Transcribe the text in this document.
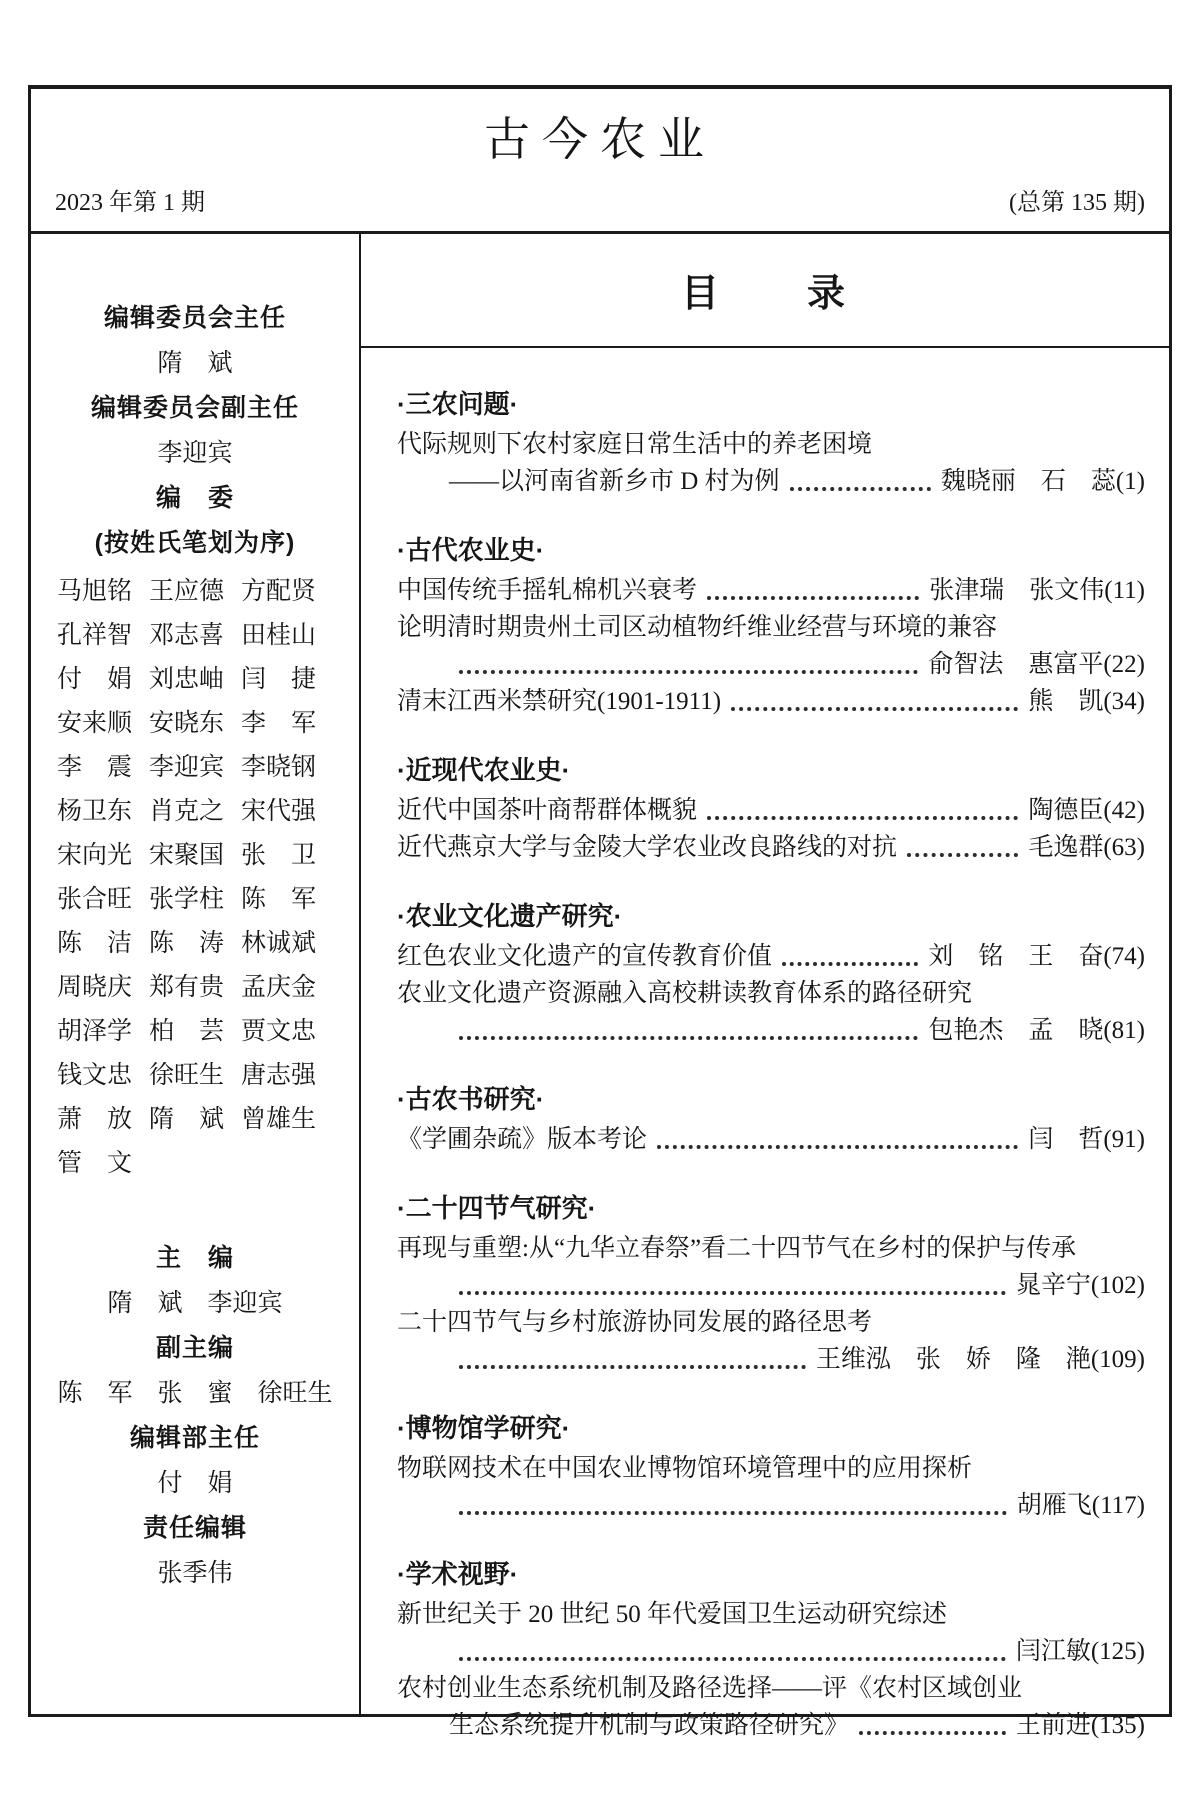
古今农业
2023 年第 1 期	(总第 135 期)
编辑委员会主任
隋　斌
编辑委员会副主任
李迎宾
编　委
(按姓氏笔划为序)
马旭铭 王应德 方配贤
孔祥智 邓志喜 田桂山
付　娟 刘忠岫 闫　捷
安来顺 安晓东 李　军
李　震 李迎宾 李晓钢
杨卫东 肖克之 宋代强
宋向光 宋聚国 张　卫
张合旺 张学柱 陈　军
陈　洁 陈　涛 林诚斌
周晓庆 郑有贵 孟庆金
胡泽学 柏　芸 贾文忠
钱文忠 徐旺生 唐志强
萧　放 隋　斌 曾雄生
管　文
主　编
隋　斌　李迎宾
副主编
陈　军　张　蜜　徐旺生
编辑部主任
付　娟
责任编辑
张季伟
目　　录
·三农问题·
代际规则下农村家庭日常生活中的养老困境
——以河南省新乡市 D 村为例	魏晓丽　石　蕊(1)
·古代农业史·
中国传统手摇轧棉机兴衰考	张津瑞　张文伟(11)
论明清时期贵州土司区动植物纤维业经营与环境的兼容
俞智法　惠富平(22)
清末江西米禁研究(1901-1911)	熊　凯(34)
·近现代农业史·
近代中国茶叶商帮群体概貌	陶德臣(42)
近代燕京大学与金陵大学农业改良路线的对抗	毛逸群(63)
·农业文化遗产研究·
红色农业文化遗产的宣传教育价值	刘　铭　王　奋(74)
农业文化遗产资源融入高校耕读教育体系的路径研究
包艳杰　孟　晓(81)
·古农书研究·
《学圃杂疏》版本考论	闫　哲(91)
·二十四节气研究·
再现与重塑:从“九华立春祭”看二十四节气在乡村的保护与传承
晁辛宁(102)
二十四节气与乡村旅游协同发展的路径思考
王维泓　张　娇　隆　滟(109)
·博物馆学研究·
物联网技术在中国农业博物馆环境管理中的应用探析
胡雁飞(117)
·学术视野·
新世纪关于 20 世纪 50 年代爱国卫生运动研究综述
闫江敏(125)
农村创业生态系统机制及路径选择——评《农村区域创业
生态系统提升机制与政策路径研究》	王前进(135)
